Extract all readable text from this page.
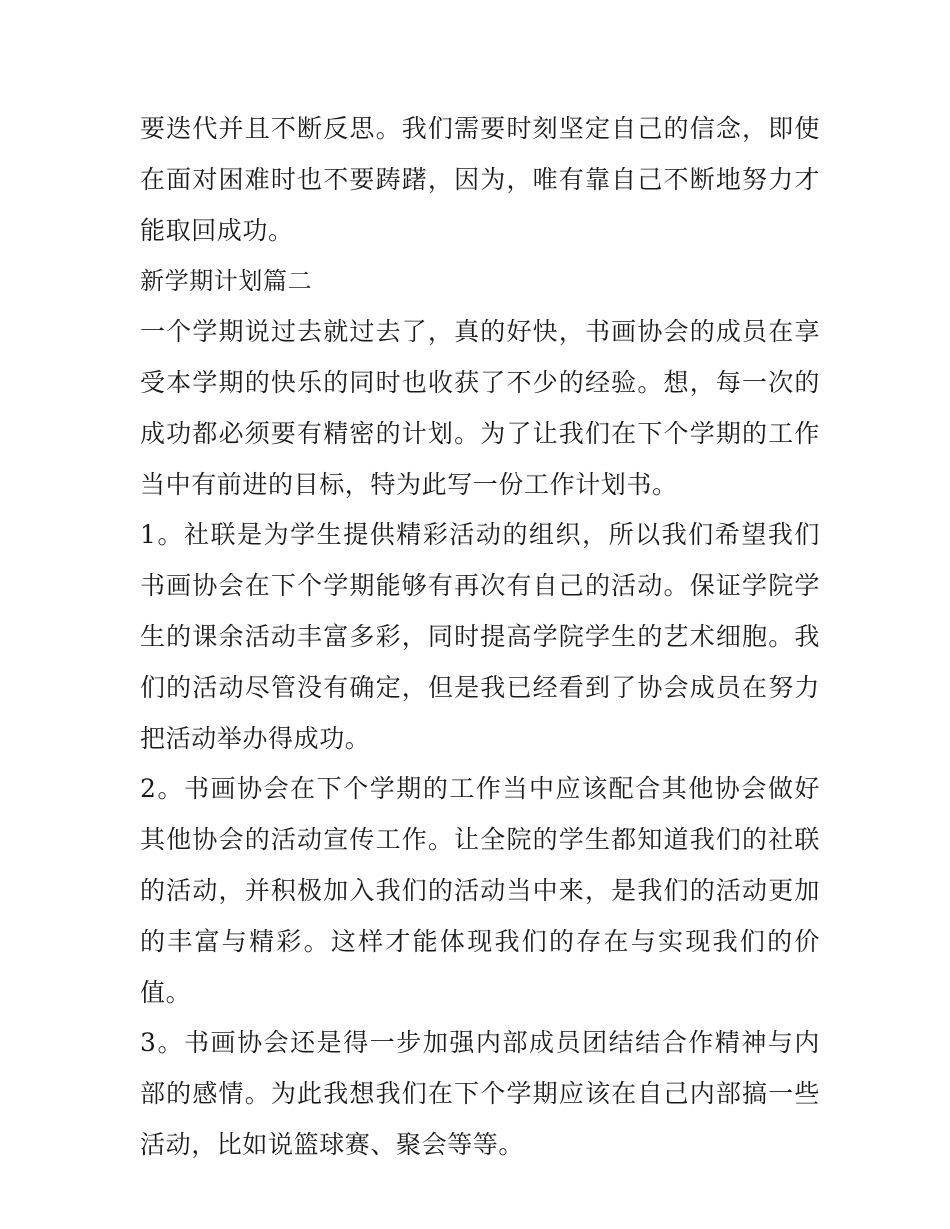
要迭代并且不断反思。我们需要时刻坚定自己的信念，即使在面对困难时也不要踌躇，因为，唯有靠自己不断地努力才能取回成功。

新学期计划篇二

一个学期说过去就过去了，真的好快，书画协会的成员在享受本学期的快乐的同时也收获了不少的经验。想，每一次的成功都必须要有精密的计划。为了让我们在下个学期的工作当中有前进的目标，特为此写一份工作计划书。

1。社联是为学生提供精彩活动的组织，所以我们希望我们书画协会在下个学期能够有再次有自己的活动。保证学院学生的课余活动丰富多彩，同时提高学院学生的艺术细胞。我们的活动尽管没有确定，但是我已经看到了协会成员在努力把活动举办得成功。

2。书画协会在下个学期的工作当中应该配合其他协会做好其他协会的活动宣传工作。让全院的学生都知道我们的社联的活动，并积极加入我们的活动当中来，是我们的活动更加的丰富与精彩。这样才能体现我们的存在与实现我们的价值。

3。书画协会还是得一步加强内部成员团结结合作精神与内部的感情。为此我想我们在下个学期应该在自己内部搞一些活动，比如说篮球赛、聚会等等。
